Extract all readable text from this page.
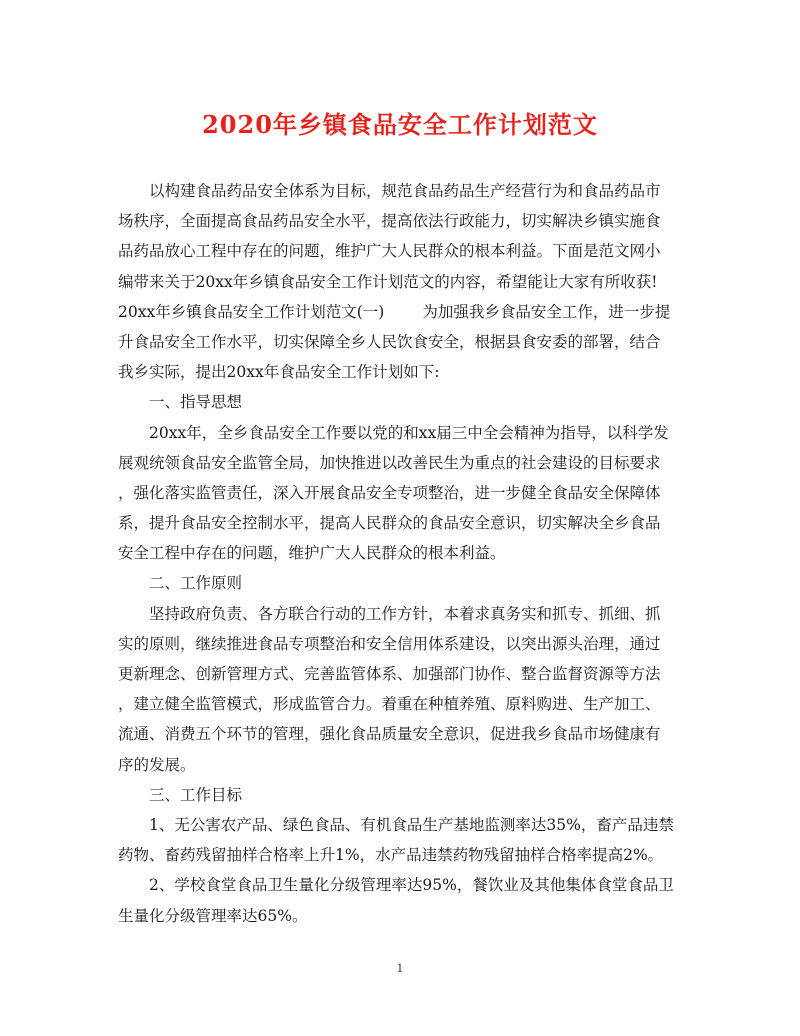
2020年乡镇食品安全工作计划范文
以构建食品药品安全体系为目标，规范食品药品生产经营行为和食品药品市
场秩序，全面提高食品药品安全水平，提高依法行政能力，切实解决乡镇实施食
品药品放心工程中存在的问题，维护广大人民群众的根本利益。下面是范文网小
编带来关于20xx年乡镇食品安全工作计划范文的内容，希望能让大家有所收获!
20xx年乡镇食品安全工作计划范文(一) 为加强我乡食品安全工作，进一步提
升食品安全工作水平，切实保障全乡人民饮食安全，根据县食安委的部署，结合
我乡实际，提出20xx年食品安全工作计划如下:
一、指导思想
20xx年，全乡食品安全工作要以党的和xx届三中全会精神为指导，以科学发
展观统领食品安全监管全局，加快推进以改善民生为重点的社会建设的目标要求
，强化落实监管责任，深入开展食品安全专项整治，进一步健全食品安全保障体
系，提升食品安全控制水平，提高人民群众的食品安全意识，切实解决全乡食品
安全工程中存在的问题，维护广大人民群众的根本利益。
二、工作原则
坚持政府负责、各方联合行动的工作方针，本着求真务实和抓专、抓细、抓
实的原则，继续推进食品专项整治和安全信用体系建设，以突出源头治理，通过
更新理念、创新管理方式、完善监管体系、加强部门协作、整合监督资源等方法
，建立健全监管模式，形成监管合力。着重在种植养殖、原料购进、生产加工、
流通、消费五个环节的管理，强化食品质量安全意识，促进我乡食品市场健康有
序的发展。
三、工作目标
1、无公害农产品、绿色食品、有机食品生产基地监测率达35%，畜产品违禁
药物、畜药残留抽样合格率上升1%，水产品违禁药物残留抽样合格率提高2%。
2、学校食堂食品卫生量化分级管理率达95%，餐饮业及其他集体食堂食品卫
生量化分级管理率达65%。
1
